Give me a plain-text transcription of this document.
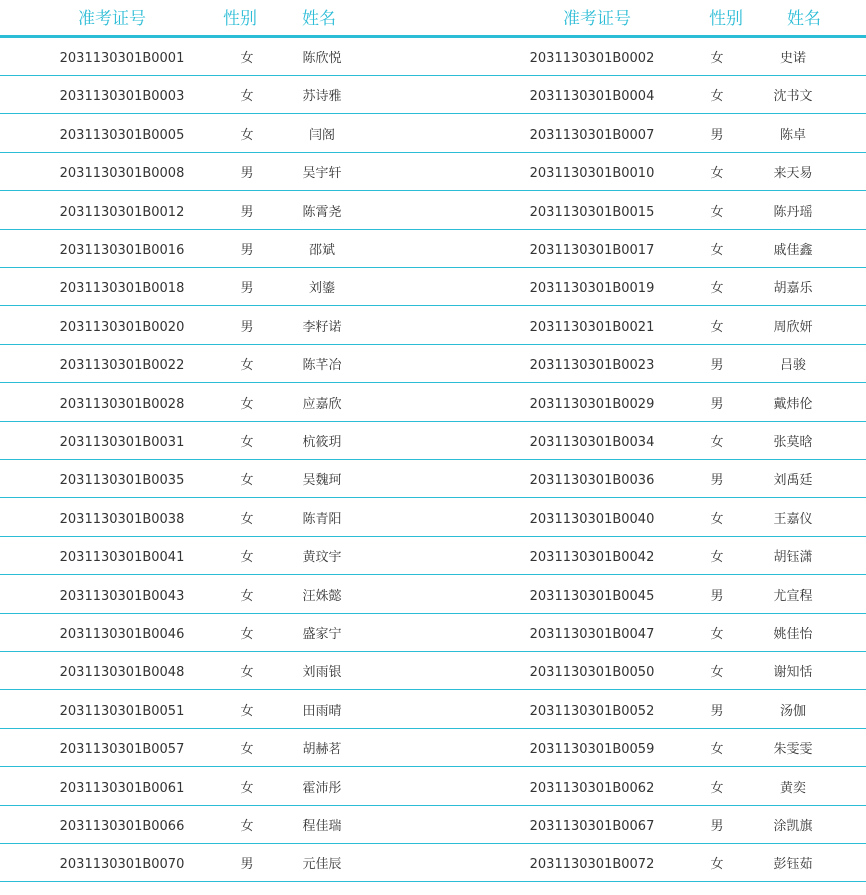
准考证号	性别	姓名	准考证号	性别	姓名
2031130301B0001	女	陈欣悦	2031130301B0002	女	史诺
2031130301B0003	女	苏诗雅	2031130301B0004	女	沈书文
2031130301B0005	女	闫阁	2031130301B0007	男	陈卓
2031130301B0008	男	吴宇轩	2031130301B0010	女	来天易
2031130301B0012	男	陈霄尧	2031130301B0015	女	陈丹瑶
2031130301B0016	男	邵斌	2031130301B0017	女	戚佳鑫
2031130301B0018	男	刘鎏	2031130301B0019	女	胡嘉乐
2031130301B0020	男	李籽诺	2031130301B0021	女	周欣妍
2031130301B0022	女	陈芊冶	2031130301B0023	男	吕骏
2031130301B0028	女	应嘉欣	2031130301B0029	男	戴炜伦
2031130301B0031	女	杭筱玥	2031130301B0034	女	张莫晗
2031130301B0035	女	吴魏珂	2031130301B0036	男	刘禹廷
2031130301B0038	女	陈青阳	2031130301B0040	女	王嘉仪
2031130301B0041	女	黄玟宇	2031130301B0042	女	胡钰潇
2031130301B0043	女	汪姝懿	2031130301B0045	男	尤宣程
2031130301B0046	女	盛家宁	2031130301B0047	女	姚佳怡
2031130301B0048	女	刘雨银	2031130301B0050	女	谢知恬
2031130301B0051	女	田雨晴	2031130301B0052	男	汤伽
2031130301B0057	女	胡赫茗	2031130301B0059	女	朱雯雯
2031130301B0061	女	霍沛彤	2031130301B0062	女	黄奕
2031130301B0066	女	程佳瑞	2031130301B0067	男	涂凯旗
2031130301B0070	男	元佳辰	2031130301B0072	女	彭钰茹
